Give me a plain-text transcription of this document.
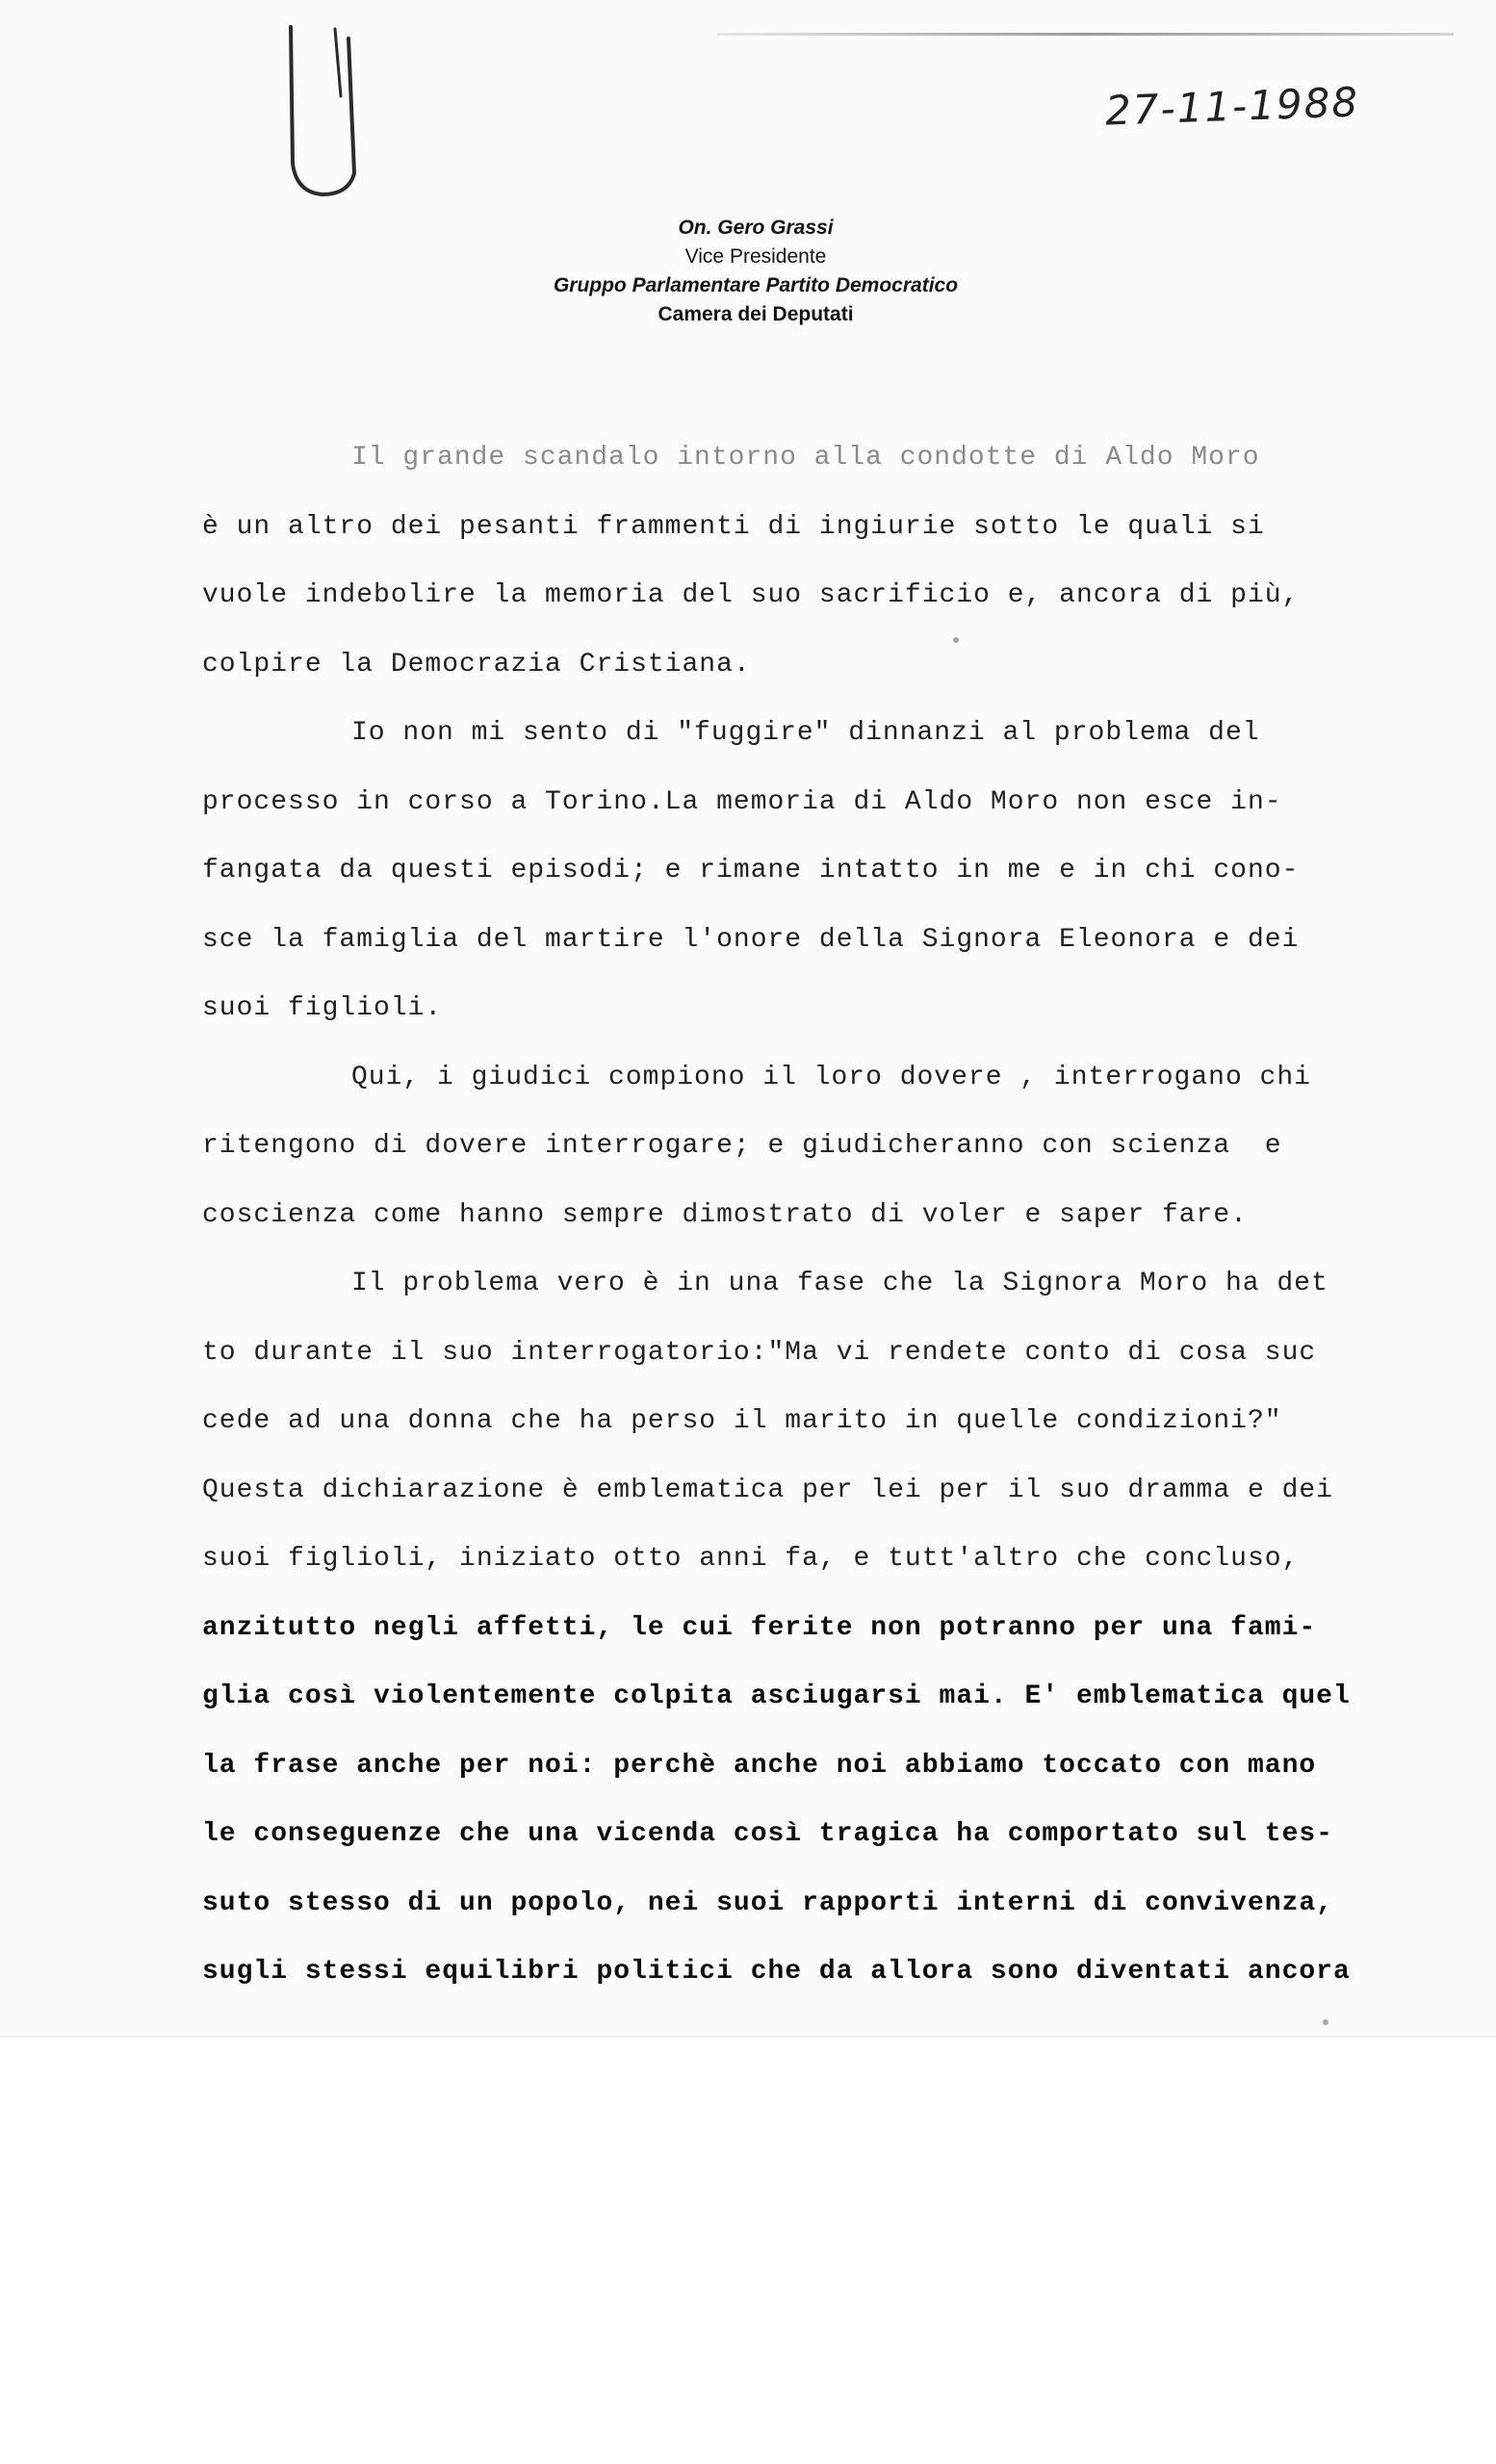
27-11-1988
On. Gero Grassi
Vice Presidente
Gruppo Parlamentare Partito Democratico
Camera dei Deputati

Il grande scandalo intorno alla condotte di Aldo Moro

è un altro dei pesanti frammenti di ingiurie sotto le quali si

vuole indebolire la memoria del suo sacrificio e, ancora di più,

colpire la Democrazia Cristiana.

Io non mi sento di "fuggire" dinnanzi al problema del

processo in corso a Torino.La memoria di Aldo Moro non esce in-

fangata da questi episodi; e rimane intatto in me e in chi cono-

sce la famiglia del martire l'onore della Signora Eleonora e dei

suoi figlioli.

Qui, i giudici compiono il loro dovere , interrogano chi

ritengono di dovere interrogare; e giudicheranno con scienza  e

coscienza come hanno sempre dimostrato di voler e saper fare.

Il problema vero è in una fase che la Signora Moro ha det

to durante il suo interrogatorio:"Ma vi rendete conto di cosa suc

cede ad una donna che ha perso il marito in quelle condizioni?"

Questa dichiarazione è emblematica per lei per il suo dramma e dei

suoi figlioli, iniziato otto anni fa, e tutt'altro che concluso,

anzitutto negli affetti, le cui ferite non potranno per una fami-

glia così violentemente colpita asciugarsi mai. E' emblematica quel

la frase anche per noi: perchè anche noi abbiamo toccato con mano

le conseguenze che una vicenda così tragica ha comportato sul tes-

suto stesso di un popolo, nei suoi rapporti interni di convivenza,

sugli stessi equilibri politici che da allora sono diventati ancora
